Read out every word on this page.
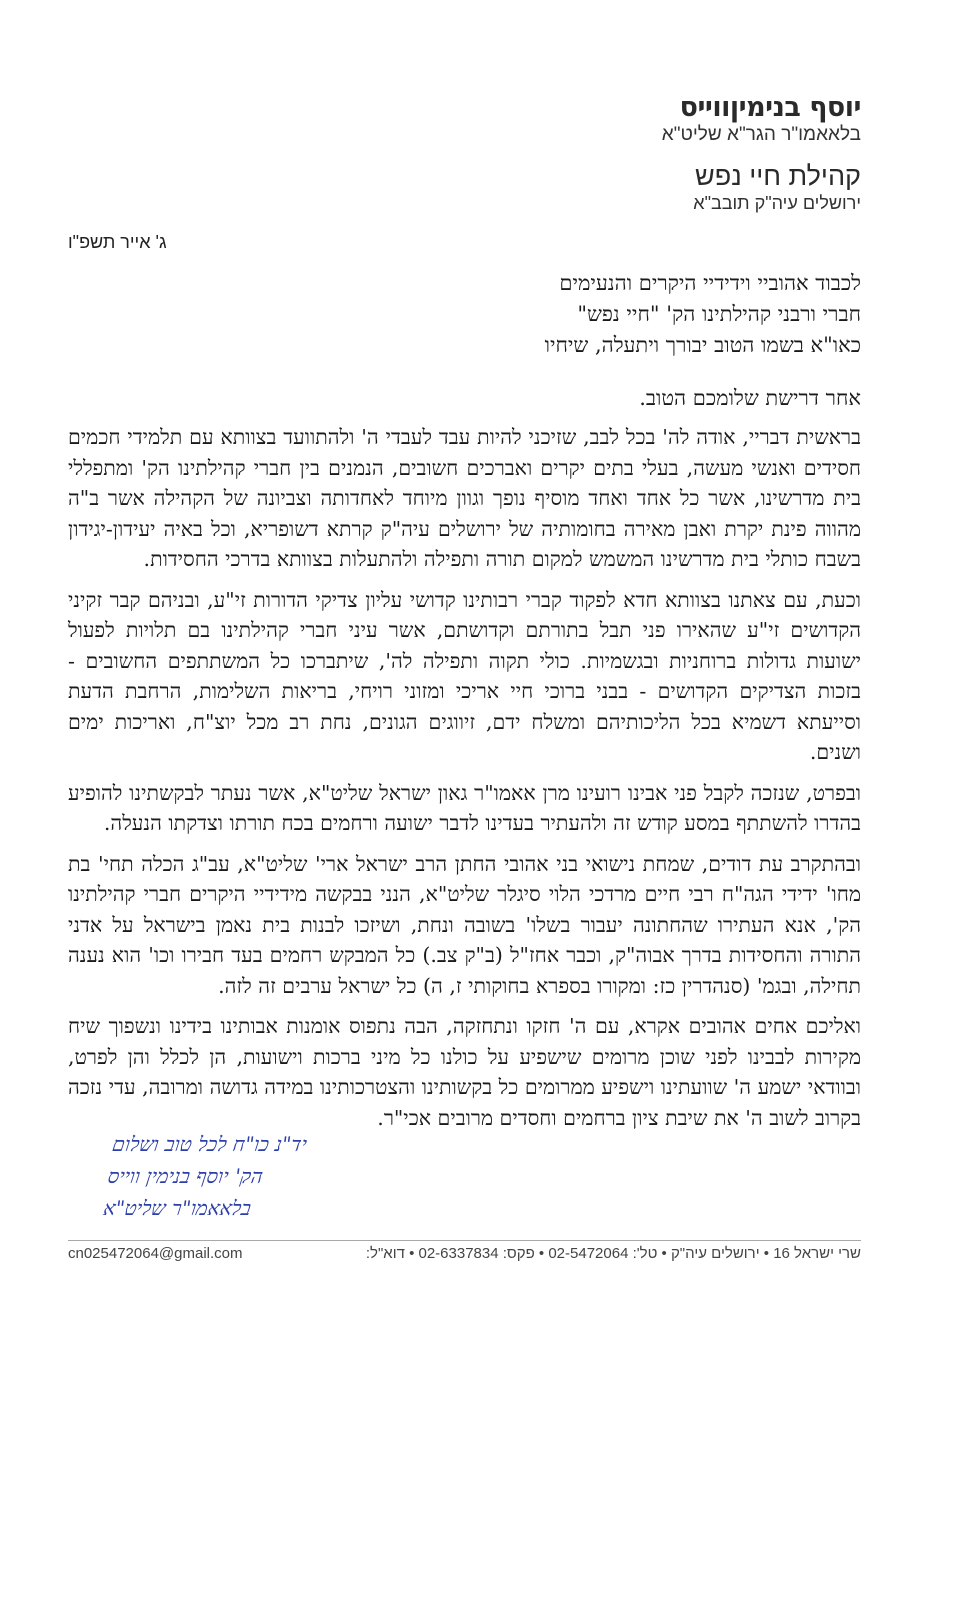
יוסף בנימיןווייס
בלאאמו"ר הגר"א שליט"א
קהילת חיי נפש
ירושלים עיה"ק תובב"א
ג' אייר תשפ"ו
לכבוד אהוביי וידידיי היקרים והנעימים
חברי ורבני קהילתינו הק' "חיי נפש"
כאו"א בשמו הטוב יבורך ויתעלה, שיחיו
אחר דרישת שלומכם הטוב.

בראשית דבריי, אודה לה' בכל לבב, שזיכני להיות עבד לעבדי ה' ולהתוועד בצוותא עם תלמידי חכמים חסידים ואנשי מעשה, בעלי בתים יקרים ואברכים חשובים, הנמנים בין חברי קהילתינו הק' ומתפללי בית מדרשינו, אשר כל אחד ואחד מוסיף נופך וגוון מיוחד לאחדותה וצביונה של הקהילה אשר ב"ה מהווה פינת יקרת ואבן מאירה בחומותיה של ירושלים עיה"ק קרתא דשופריא, וכל באיה יעידון-יגידון בשבח כותלי בית מדרשינו המשמש למקום תורה ותפילה ולהתעלות בצוותא בדרכי החסידות.

וכעת, עם צאתנו בצוותא חדא לפקוד קברי רבותינו קדושי עליון צדיקי הדורות זי"ע, ובניהם קבר זקיני הקדושים זי"ע שהאירו פני תבל בתורתם וקדושתם, אשר עיני חברי קהילתינו בם תלויות לפעול ישועות גדולות ברוחניות ובגשמיות. כולי תקוה ותפילה לה', שיתברכו כל המשתתפים החשובים - בזכות הצדיקים הקדושים - בבני ברוכי חיי אריכי ומזוני רויחי, בריאות השלימות, הרחבת הדעת וסייעתא דשמיא בכל הליכותיהם ומשלח ידם, זיווגים הגונים, נחת רב מכל יוצ"ח, ואריכות ימים ושנים.

ובפרט, שנזכה לקבל פני אבינו רועינו מרן אאמו"ר גאון ישראל שליט"א, אשר נעתר לבקשתינו להופיע בהדרו להשתתף במסע קודש זה ולהעתיר בעדינו לדבר ישועה ורחמים בכח תורתו וצדקתו הנעלה.

ובהתקרב עת דודים, שמחת נישואי בני אהובי החתן הרב ישראל ארי' שליט"א, עב"ג הכלה תחי' בת מחו' ידידי הגה"ח רבי חיים מרדכי הלוי סיגלר שליט"א, הנני בבקשה מידידיי היקרים חברי קהילתינו הק', אנא העתירו שהחתונה יעבור בשלו' בשובה ונחת, ושיזכו לבנות בית נאמן בישראל על אדני התורה והחסידות בדרך אבוה"ק, וכבר אחז"ל (ב"ק צב.) כל המבקש רחמים בעד חבירו וכו' הוא נענה תחילה, ובגמ' (סנהדרין כז: ומקורו בספרא בחוקותי ז, ה) כל ישראל ערבים זה לזה.

ואליכם אחים אהובים אקרא, עם ה' חזקו ונתחזקה, הבה נתפוס אומנות אבותינו בידינו ונשפוך שיח מקירות לבבינו לפני שוכן מרומים שישפיע על כולנו כל מיני ברכות וישועות, הן לכלל והן לפרט, ובוודאי ישמע ה' שוועתינו וישפיע ממרומים כל בקשותינו והצטרכותינו במידה גדושה ומרובה, עדי נזכה בקרוב לשוב ה' את שיבת ציון ברחמים וחסדים מרובים אכי"ר.

יד"נ כו"ח לכל טוב ושלום
הק' יוסף בנימין ווייס
בלאאמו"ר שליט"א
שרי ישראל 16 • ירושלים עיה"ק • טל': 02-5472064 • פקס: 02-6337834 • דוא"ל:
cn025472064@gmail.com
